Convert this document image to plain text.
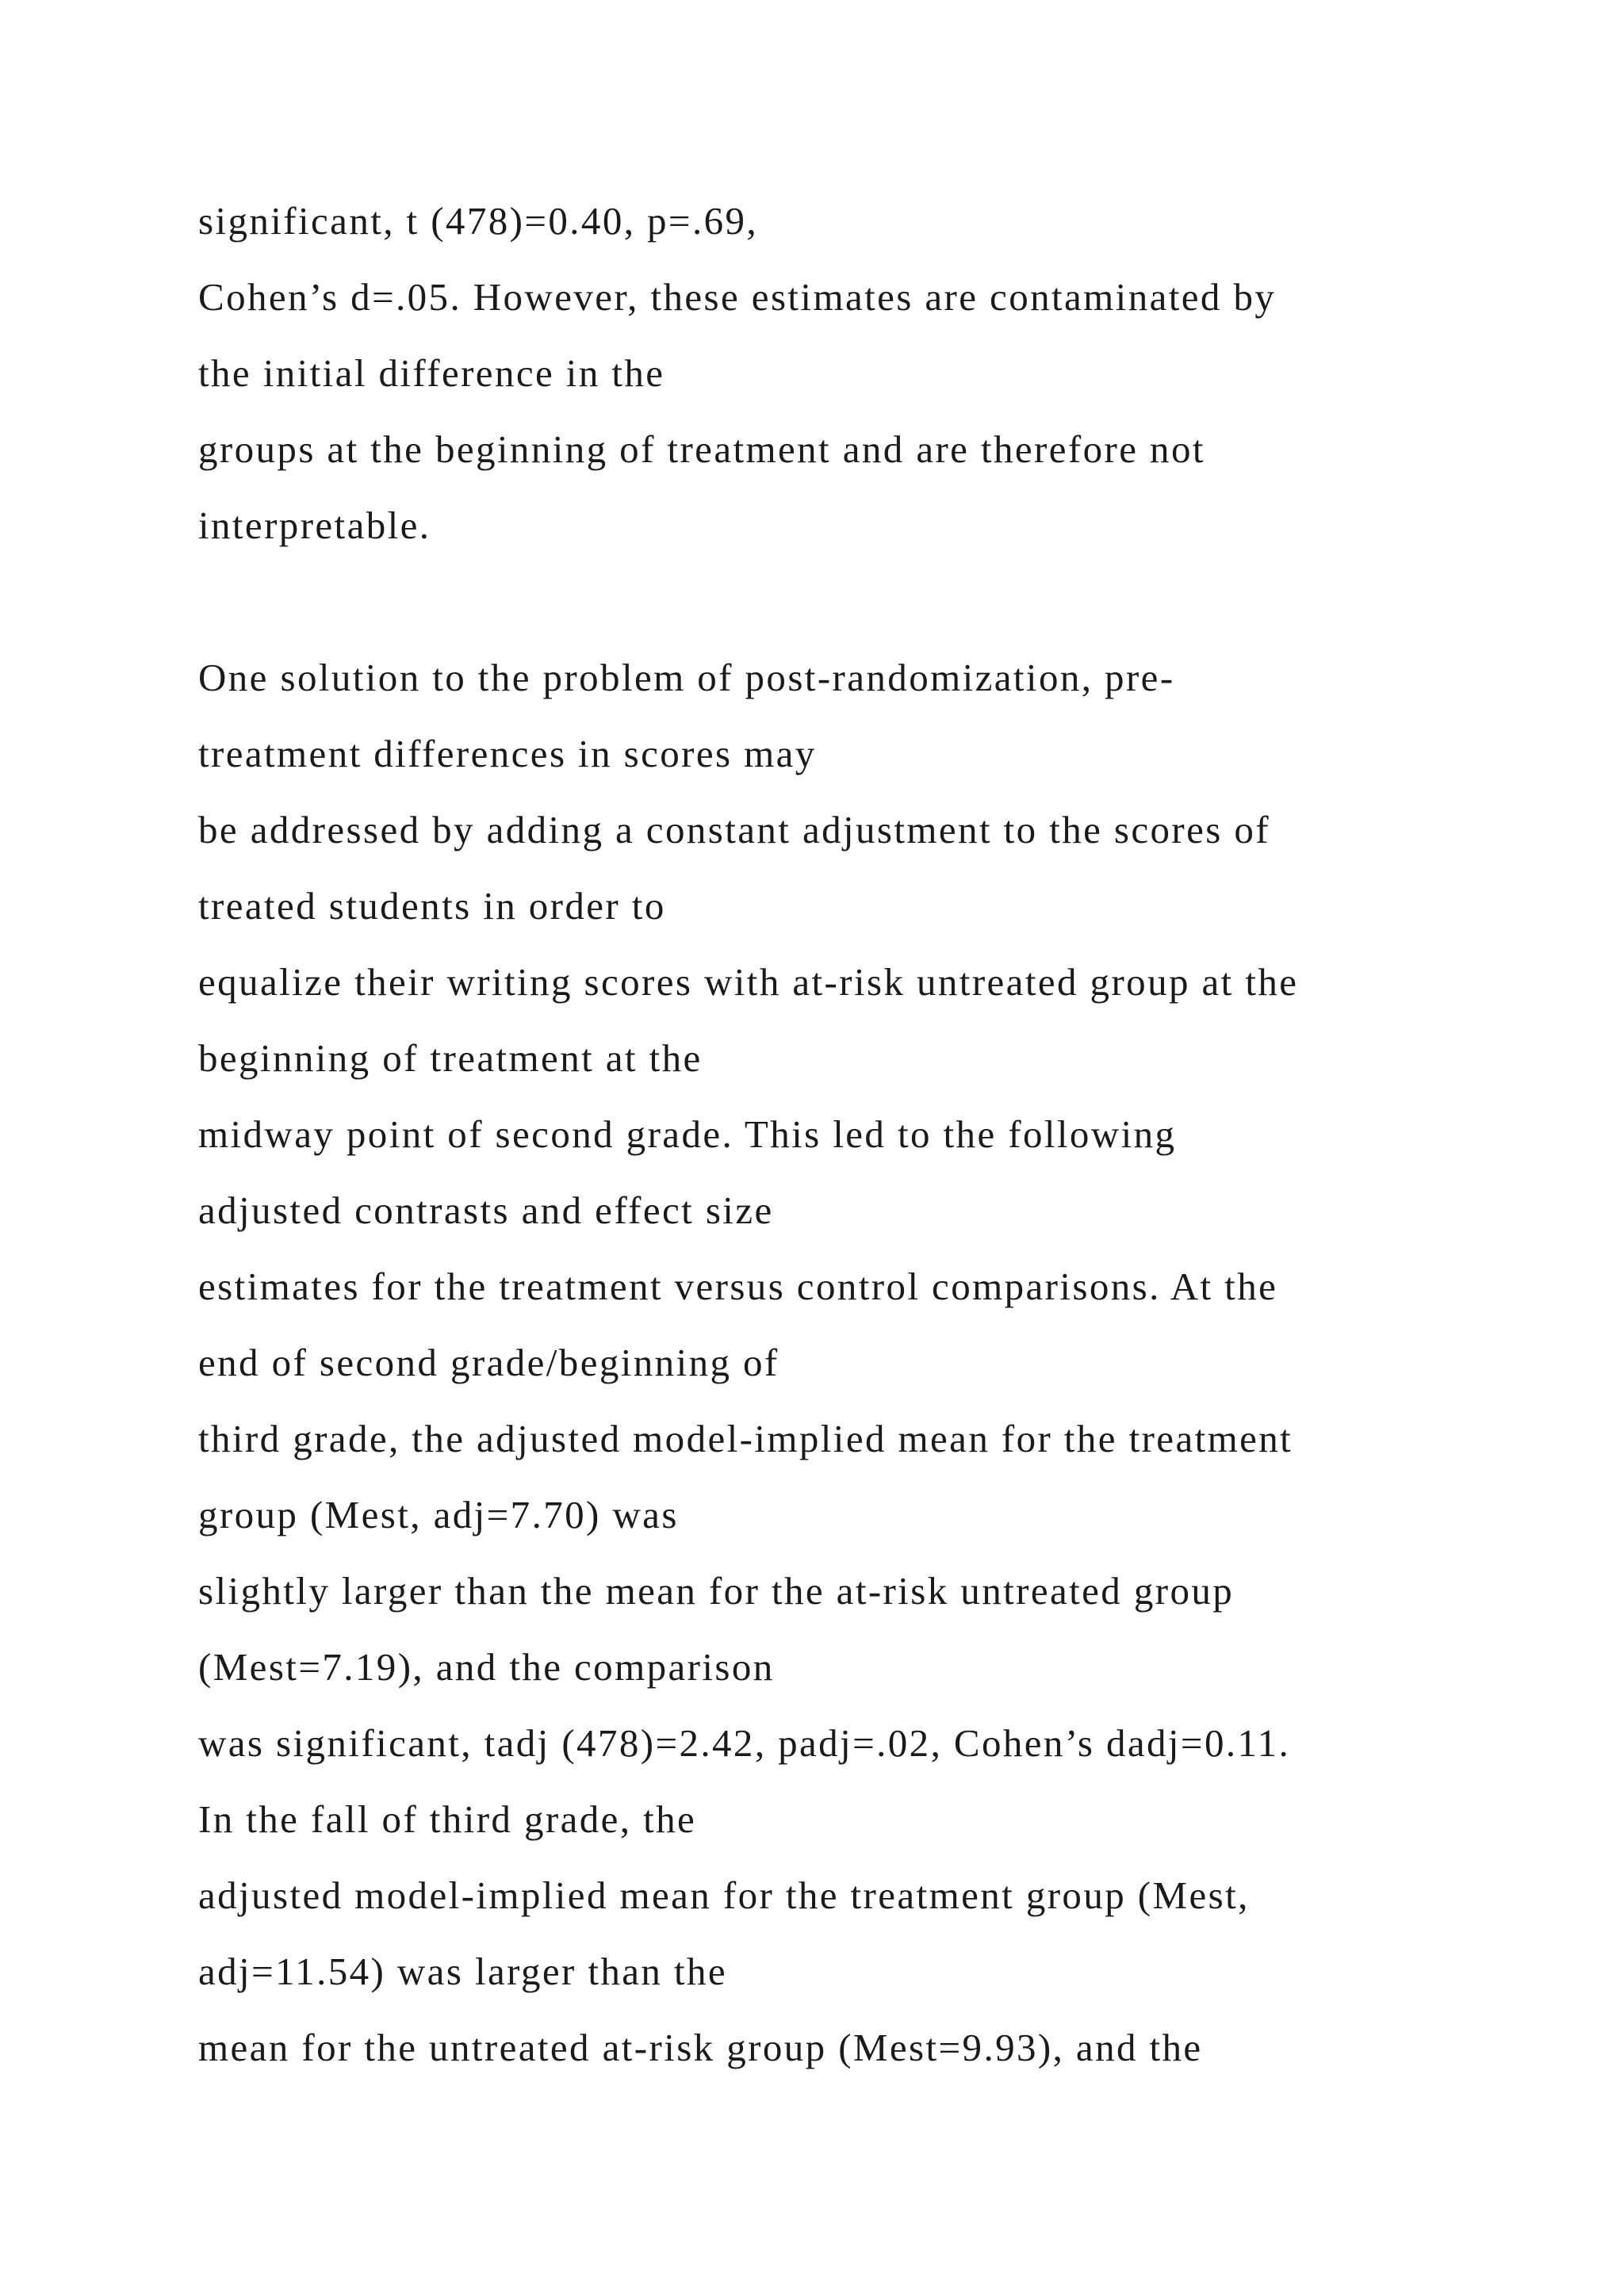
significant, t (478)=0.40, p=.69,
Cohen’s d=.05. However, these estimates are contaminated by
the initial difference in the
groups at the beginning of treatment and are therefore not
interpretable.
One solution to the problem of post-randomization, pre-
treatment differences in scores may
be addressed by adding a constant adjustment to the scores of
treated students in order to
equalize their writing scores with at-risk untreated group at the
beginning of treatment at the
midway point of second grade. This led to the following
adjusted contrasts and effect size
estimates for the treatment versus control comparisons. At the
end of second grade/beginning of
third grade, the adjusted model-implied mean for the treatment
group (Mest, adj=7.70) was
slightly larger than the mean for the at-risk untreated group
(Mest=7.19), and the comparison
was significant, tadj (478)=2.42, padj=.02, Cohen’s dadj=0.11.
In the fall of third grade, the
adjusted model-implied mean for the treatment group (Mest,
adj=11.54) was larger than the
mean for the untreated at-risk group (Mest=9.93), and the
